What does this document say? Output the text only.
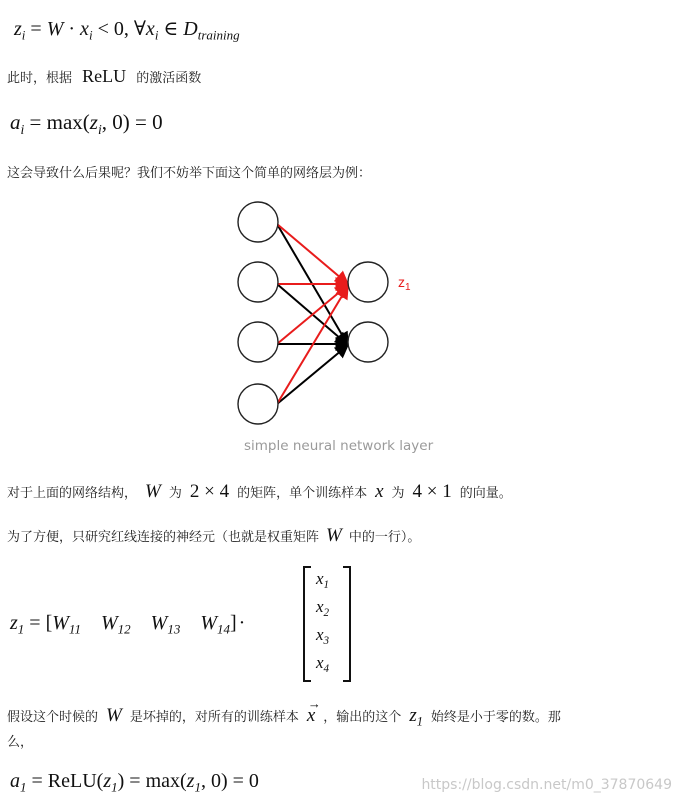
$z_i = W \cdot x_i < 0$, $\forall x_i$ ∈ $D_{training}$
此时，根据 ReLU 的激活函数
$a_i = \max(z_i$, 0) = 0
这会导致什么后果呢？我们不妨举下面这个简单的网络层为例：
$z_1$
simple neural network layer
对于上面的网络结构， W 为 2 × 4 的矩阵，单个训练样本 x 为 4 × 1 的向量。
为了方便，只研究红线连接的神经元（也就是权重矩阵 W 中的一行）。
$z_1 = [W_{11}$ $W_{12}$ $W_{13}$ $W_{14}$] ·
$x_1$
$x_2$
$x_3$
$x_4$
假设这个时候的 W 是坏掉的，对所有的训练样本
→
x ，输出的这个 $z_1$ 始终是小于零的数。那
么，
$a_1$ = $ReLU(z_1) = \max(z_1$, 0) = 0	https://blog.csdn.net/m0_37870649
